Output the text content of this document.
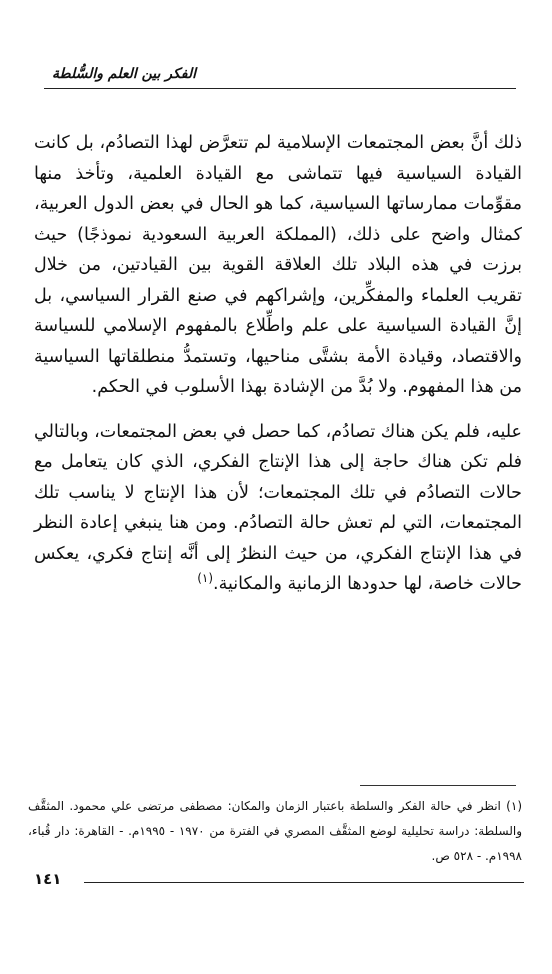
الفكر بين العلم والسُّلطة

ذلك أنَّ بعض المجتمعات الإسلامية لم تتعرَّض لهذا التصادُم، بل كانت القيادة السياسية فيها تتماشى مع القيادة العلمية، وتأخذ منها مقوِّمات ممارساتها السياسية، كما هو الحال في بعض الدول العربية، كمثال واضح على ذلك، (المملكة العربية السعودية نموذجًا) حيث برزت في هذه البلاد تلك العلاقة القوية بين القيادتين، من خلال تقريب العلماء والمفكِّرين، وإشراكهم في صنع القرار السياسي، بل إنَّ القيادة السياسية على علم واطِّلاع بالمفهوم الإسلامي للسياسة والاقتصاد، وقيادة الأمة بشتَّى مناحيها، وتستمدُّ منطلقاتها السياسية من هذا المفهوم. ولا بُدَّ من الإشادة بهذا الأسلوب في الحكم.

عليه، فلم يكن هناك تصادُم، كما حصل في بعض المجتمعات، وبالتالي فلم تكن هناك حاجة إلى هذا الإنتاج الفكري، الذي كان يتعامل مع حالات التصادُم في تلك المجتمعات؛ لأن هذا الإنتاج لا يناسب تلك المجتمعات، التي لم تعش حالة التصادُم. ومن هنا ينبغي إعادة النظر في هذا الإنتاج الفكري، من حيث النظرُ إلى أنَّه إنتاج فكري، يعكس حالات خاصة، لها حدودها الزمانية والمكانية.$^{(١)}$

(١) انظر في حالة الفكر والسلطة باعتبار الزمان والمكان: مصطفى مرتضى علي محمود. المثقَّف والسلطة: دراسة تحليلية لوضع المثقَّف المصري في الفترة من ١٩٧٠ - ١٩٩٥م. - القاهرة: دار قُباء، ١٩٩٨م. - ٥٢٨ ص.

١٤١
